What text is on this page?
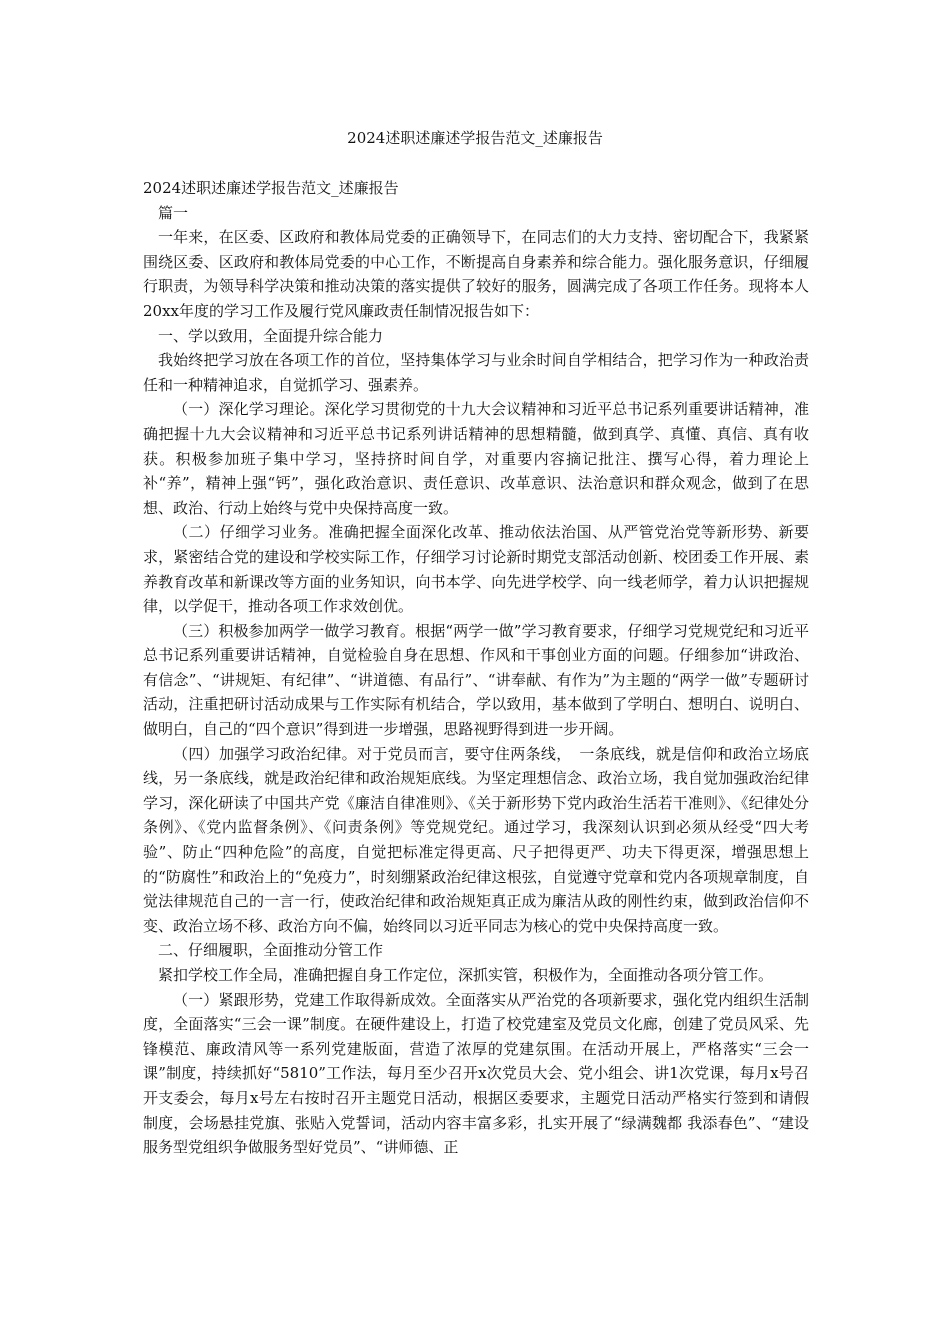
2024述职述廉述学报告范文_述廉报告

2024述职述廉述学报告范文_述廉报告

篇一

一年来，在区委、区政府和教体局党委的正确领导下，在同志们的大力支持、密切配合下，我紧紧围绕区委、区政府和教体局党委的中心工作，不断提高自身素养和综合能力。强化服务意识，仔细履行职责，为领导科学决策和推动决策的落实提供了较好的服务，圆满完成了各项工作任务。现将本人20xx年度的学习工作及履行党风廉政责任制情况报告如下：

一、学以致用，全面提升综合能力

我始终把学习放在各项工作的首位，坚持集体学习与业余时间自学相结合，把学习作为一种政治责任和一种精神追求，自觉抓学习、强素养。

（一）深化学习理论。深化学习贯彻党的十九大会议精神和习近平总书记系列重要讲话精神，准确把握十九大会议精神和习近平总书记系列讲话精神的思想精髓，做到真学、真懂、真信、真有收获。积极参加班子集中学习，坚持挤时间自学，对重要内容摘记批注、撰写心得，着力理论上补“养”，精神上强“钙”，强化政治意识、责任意识、改革意识、法治意识和群众观念，做到了在思想、政治、行动上始终与党中央保持高度一致。

（二）仔细学习业务。准确把握全面深化改革、推动依法治国、从严管党治党等新形势、新要求，紧密结合党的建设和学校实际工作，仔细学习讨论新时期党支部活动创新、校团委工作开展、素养教育改革和新课改等方面的业务知识，向书本学、向先进学校学、向一线老师学，着力认识把握规律，以学促干，推动各项工作求效创优。

（三）积极参加两学一做学习教育。根据“两学一做”学习教育要求，仔细学习党规党纪和习近平总书记系列重要讲话精神，自觉检验自身在思想、作风和干事创业方面的问题。仔细参加“讲政治、有信念”、“讲规矩、有纪律”、“讲道德、有品行”、“讲奉献、有作为”为主题的“两学一做”专题研讨活动，注重把研讨活动成果与工作实际有机结合，学以致用，基本做到了学明白、想明白、说明白、做明白，自己的“四个意识”得到进一步增强，思路视野得到进一步开阔。

（四）加强学习政治纪律。对于党员而言，要守住两条线，　一条底线，就是信仰和政治立场底线，另一条底线，就是政治纪律和政治规矩底线。为坚定理想信念、政治立场，我自觉加强政治纪律学习，深化研读了中国共产党《廉洁自律准则》、《关于新形势下党内政治生活若干准则》、《纪律处分条例》、《党内监督条例》、《问责条例》等党规党纪。通过学习，我深刻认识到必须从经受“四大考验”、防止“四种危险”的高度，自觉把标准定得更高、尺子把得更严、功夫下得更深，增强思想上的“防腐性”和政治上的“免疫力”，时刻绷紧政治纪律这根弦，自觉遵守党章和党内各项规章制度，自觉法律规范自己的一言一行，使政治纪律和政治规矩真正成为廉洁从政的刚性约束，做到政治信仰不变、政治立场不移、政治方向不偏，始终同以习近平同志为核心的党中央保持高度一致。

二、仔细履职，全面推动分管工作

紧扣学校工作全局，准确把握自身工作定位，深抓实管，积极作为，全面推动各项分管工作。

（一）紧跟形势，党建工作取得新成效。全面落实从严治党的各项新要求，强化党内组织生活制度，全面落实“三会一课”制度。在硬件建设上，打造了校党建室及党员文化廊，创建了党员风采、先锋模范、廉政清风等一系列党建版面，营造了浓厚的党建氛围。在活动开展上，严格落实“三会一课”制度，持续抓好“5810”工作法，每月至少召开x次党员大会、党小组会、讲1次党课，每月x号召开支委会，每月x号左右按时召开主题党日活动，根据区委要求，主题党日活动严格实行签到和请假制度，会场悬挂党旗、张贴入党誓词，活动内容丰富多彩，扎实开展了“绿满魏都 我添春色”、“建设服务型党组织争做服务型好党员”、“讲师德、正
